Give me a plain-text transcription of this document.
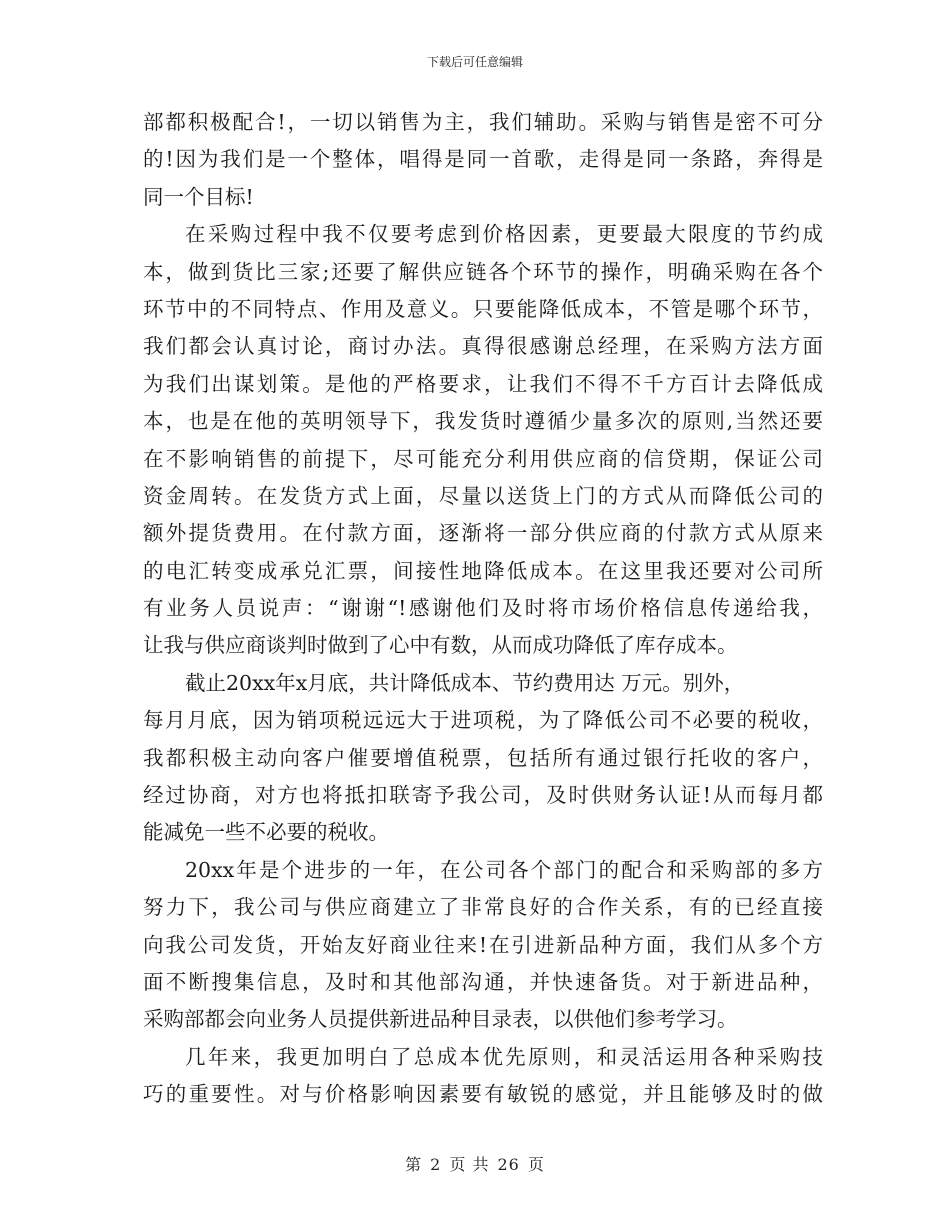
下载后可任意编辑
部都积极配合!，一切以销售为主，我们辅助。采购与销售是密不可分
的!因为我们是一个整体，唱得是同一首歌，走得是同一条路，奔得是
同一个目标!
在采购过程中我不仅要考虑到价格因素，更要最大限度的节约成
本，做到货比三家;还要了解供应链各个环节的操作，明确采购在各个
环节中的不同特点、作用及意义。只要能降低成本，不管是哪个环节，
我们都会认真讨论，商讨办法。真得很感谢总经理，在采购方法方面
为我们出谋划策。是他的严格要求，让我们不得不千方百计去降低成
本，也是在他的英明领导下，我发货时遵循少量多次的原则,当然还要
在不影响销售的前提下，尽可能充分利用供应商的信贷期，保证公司
资金周转。在发货方式上面，尽量以送货上门的方式从而降低公司的
额外提货费用。在付款方面，逐渐将一部分供应商的付款方式从原来
的电汇转变成承兑汇票，间接性地降低成本。在这里我还要对公司所
有业务人员说声：“谢谢“!感谢他们及时将市场价格信息传递给我，
让我与供应商谈判时做到了心中有数，从而成功降低了库存成本。
截止20xx年x月底，共计降低成本、节约费用达 万元。别外，
每月月底，因为销项税远远大于进项税，为了降低公司不必要的税收，
我都积极主动向客户催要增值税票，包括所有通过银行托收的客户，
经过协商，对方也将抵扣联寄予我公司，及时供财务认证!从而每月都
能减免一些不必要的税收。
20xx年是个进步的一年，在公司各个部门的配合和采购部的多方
努力下，我公司与供应商建立了非常良好的合作关系，有的已经直接
向我公司发货，开始友好商业往来!在引进新品种方面，我们从多个方
面不断搜集信息，及时和其他部沟通，并快速备货。对于新进品种，
采购部都会向业务人员提供新进品种目录表，以供他们参考学习。
几年来，我更加明白了总成本优先原则，和灵活运用各种采购技
巧的重要性。对与价格影响因素要有敏锐的感觉，并且能够及时的做
第 2 页 共 26 页
